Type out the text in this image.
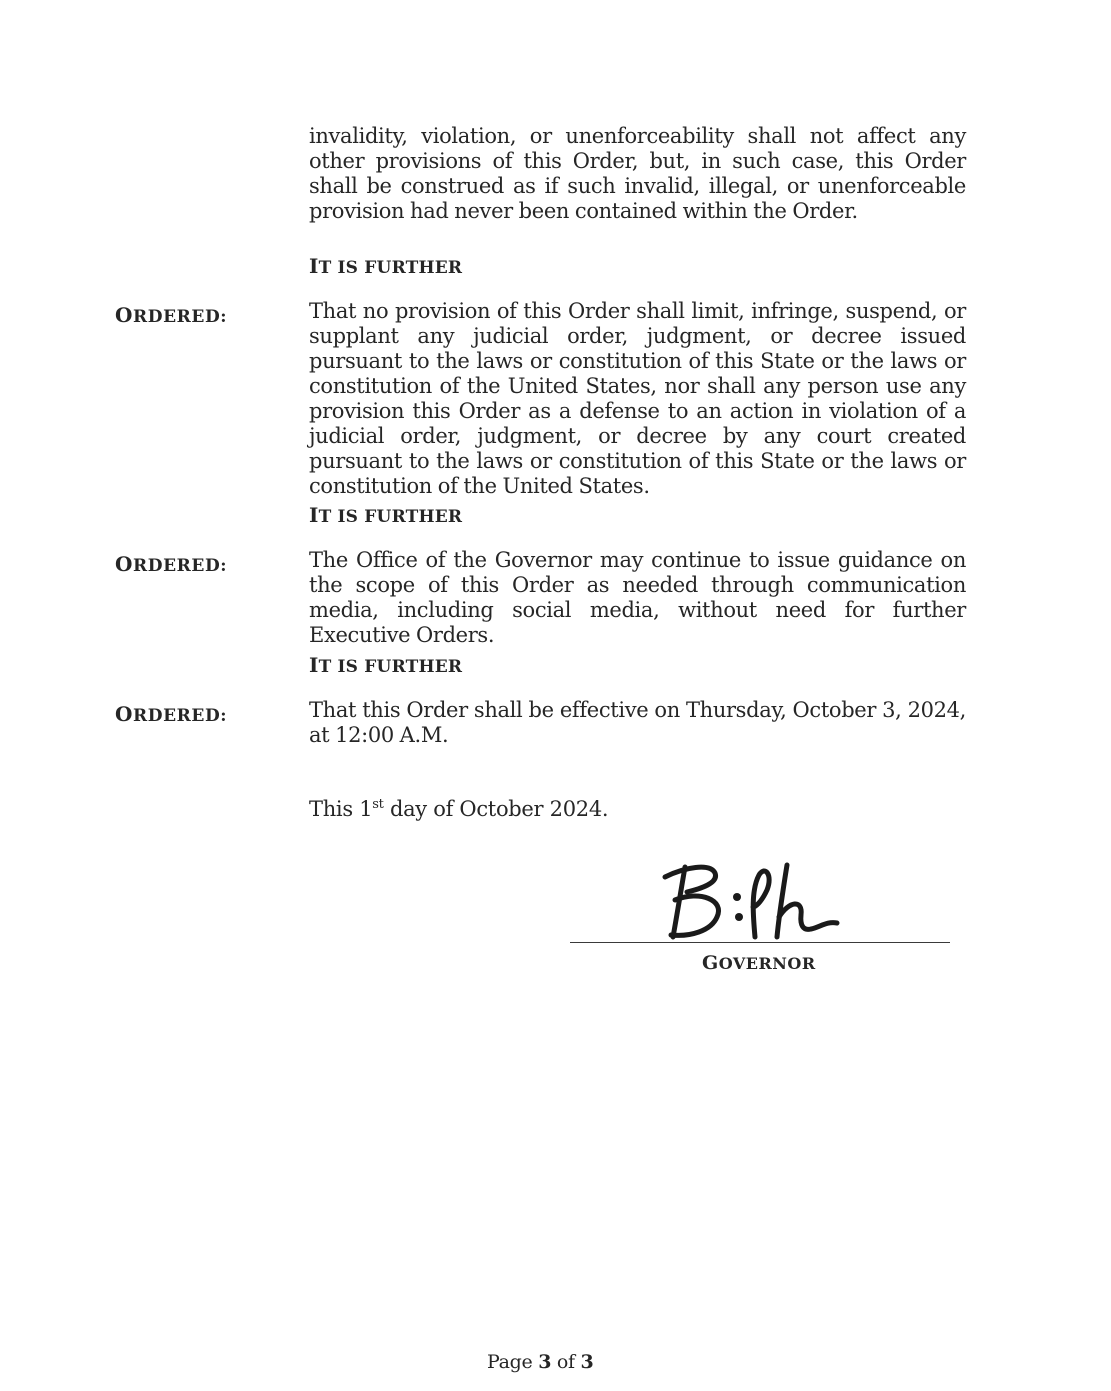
invalidity, violation, or unenforceability shall not affect any other provisions of this Order, but, in such case, this Order shall be construed as if such invalid, illegal, or unenforceable provision had never been contained within the Order.
IT IS FURTHER
ORDERED:	That no provision of this Order shall limit, infringe, suspend, or supplant any judicial order, judgment, or decree issued pursuant to the laws or constitution of this State or the laws or constitution of the United States, nor shall any person use any provision this Order as a defense to an action in violation of a judicial order, judgment, or decree by any court created pursuant to the laws or constitution of this State or the laws or constitution of the United States.
IT IS FURTHER
ORDERED:	The Office of the Governor may continue to issue guidance on the scope of this Order as needed through communication media, including social media, without need for further Executive Orders.
IT IS FURTHER
ORDERED:	That this Order shall be effective on Thursday, October 3, 2024, at 12:00 A.M.
This 1st day of October 2024.
GOVERNOR
Page 3 of 3
